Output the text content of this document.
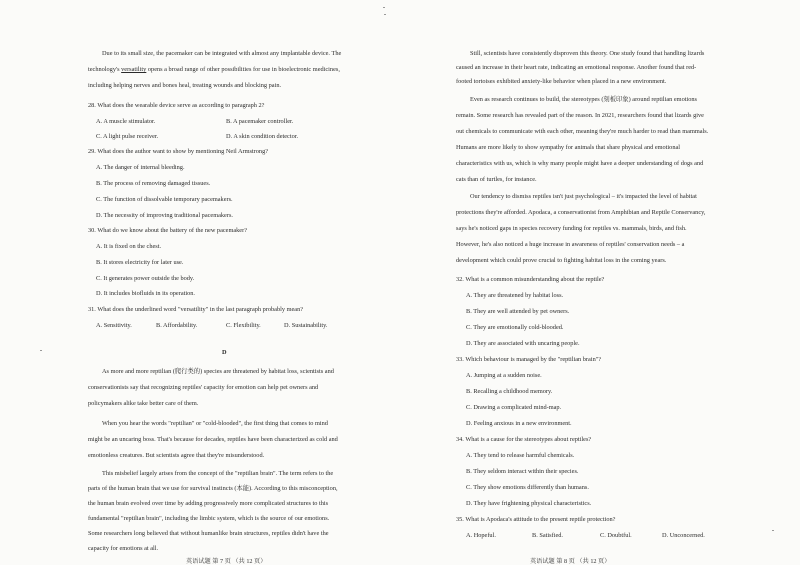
Due to its small size, the pacemaker can be integrated with almost any implantable device. The
technology's versatility opens a broad range of other possibilities for use in bioelectronic medicines,
including helping nerves and bones heal, treating wounds and blocking pain.
28. What does the wearable device serve as according to paragraph 2?
A. A muscle stimulator.	B. A pacemaker controller.
C. A light pulse receiver.	D. A skin condition detector.
29. What does the author want to show by mentioning Neil Armstrong?
A. The danger of internal bleeding.
B. The process of removing damaged tissues.
C. The function of dissolvable temporary pacemakers.
D. The necessity of improving traditional pacemakers.
30. What do we know about the battery of the new pacemaker?
A. It is fixed on the chest.
B. It stores electricity for later use.
C. It generates power outside the body.
D. It includes biofluids in its operation.
31. What does the underlined word "versatility" in the last paragraph probably mean?
A. Sensitivity.	B. Affordability.	C. Flexibility.	D. Sustainability.
D
As more and more reptilian (爬行类的) species are threatened by habitat loss, scientists and
conservationists say that recognizing reptiles' capacity for emotion can help pet owners and
policymakers alike take better care of them.
When you hear the words "reptilian" or "cold-blooded", the first thing that comes to mind
might be an uncaring boss. That's because for decades, reptiles have been characterized as cold and
emotionless creatures. But scientists agree that they're misunderstood.
This misbelief largely arises from the concept of the "reptilian brain". The term refers to the
parts of the human brain that we use for survival instincts (本能). According to this misconception,
the human brain evolved over time by adding progressively more complicated structures to this
fundamental "reptilian brain", including the limbic system, which is the source of our emotions.
Some researchers long believed that without humanlike brain structures, reptiles didn't have the
capacity for emotions at all.
英语试题 第 7 页 （共 12 页）
Still, scientists have consistently disproven this theory. One study found that handling lizards
caused an increase in their heart rate, indicating an emotional response. Another found that red-
footed tortoises exhibited anxiety-like behavior when placed in a new environment.
Even as research continues to build, the stereotypes (刻板印象) around reptilian emotions
remain. Some research has revealed part of the reason. In 2021, researchers found that lizards give
out chemicals to communicate with each other, meaning they're much harder to read than mammals.
Humans are more likely to show sympathy for animals that share physical and emotional
characteristics with us, which is why many people might have a deeper understanding of dogs and
cats than of turtles, for instance.
Our tendency to dismiss reptiles isn't just psychological – it's impacted the level of habitat
protections they're afforded. Apodaca, a conservationist from Amphibian and Reptile Conservancy,
says he's noticed gaps in species recovery funding for reptiles vs. mammals, birds, and fish.
However, he's also noticed a huge increase in awareness of reptiles' conservation needs – a
development which could prove crucial to fighting habitat loss in the coming years.
32. What is a common misunderstanding about the reptile?
A. They are threatened by habitat loss.
B. They are well attended by pet owners.
C. They are emotionally cold-blooded.
D. They are associated with uncaring people.
33. Which behaviour is managed by the "reptilian brain"?
A. Jumping at a sudden noise.
B. Recalling a childhood memory.
C. Drawing a complicated mind-map.
D. Feeling anxious in a new environment.
34. What is a cause for the stereotypes about reptiles?
A. They tend to release harmful chemicals.
B. They seldom interact within their species.
C. They show emotions differently than humans.
D. They have frightening physical characteristics.
35. What is Apodaca's attitude to the present reptile protection?
A. Hopeful.	B. Satisfied.	C. Doubtful.	D. Unconcerned.
英语试题 第 8 页 （共 12 页）
